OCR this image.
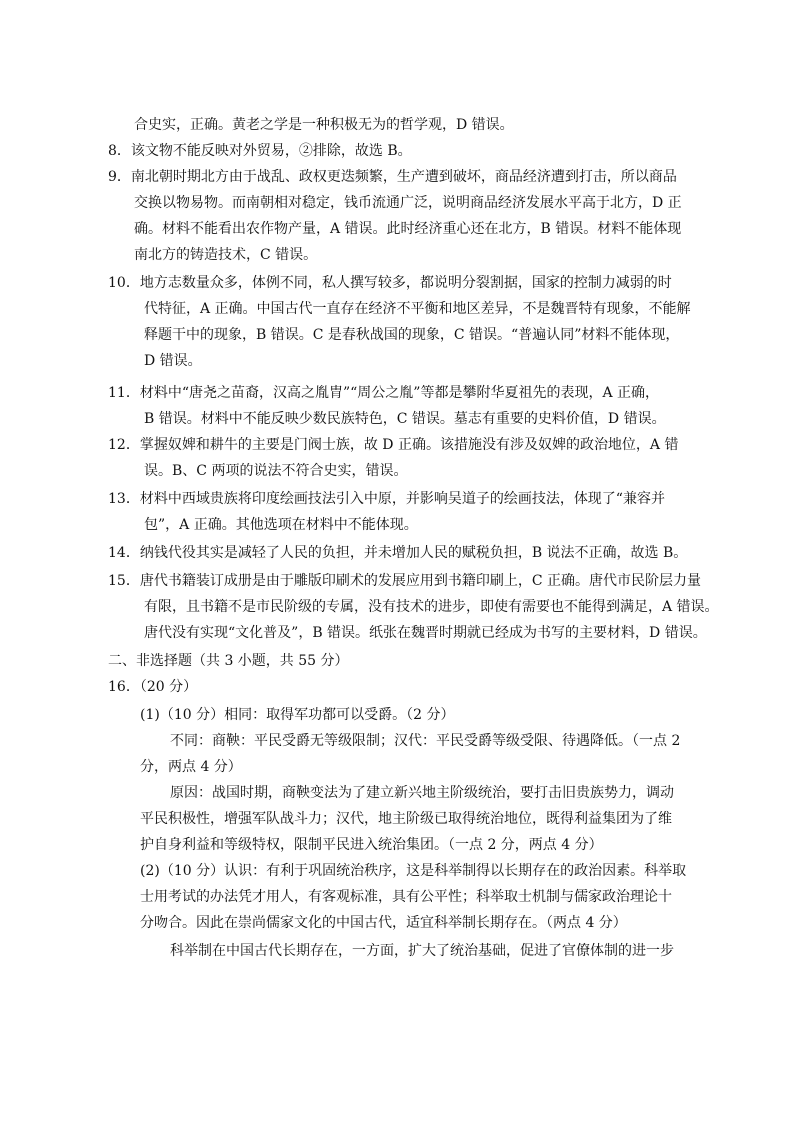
合史实，正确。黄老之学是一种积极无为的哲学观，D 错误。
8．该文物不能反映对外贸易，②排除，故选 B。
9．南北朝时期北方由于战乱、政权更迭频繁，生产遭到破坏，商品经济遭到打击，所以商品
交换以物易物。而南朝相对稳定，钱币流通广泛，说明商品经济发展水平高于北方，D 正
确。材料不能看出农作物产量，A 错误。此时经济重心还在北方，B 错误。材料不能体现
南北方的铸造技术，C 错误。
10．地方志数量众多，体例不同，私人撰写较多，都说明分裂割据，国家的控制力减弱的时
代特征，A 正确。中国古代一直存在经济不平衡和地区差异，不是魏晋特有现象，不能解
释题干中的现象，B 错误。C 是春秋战国的现象，C 错误。“普遍认同”材料不能体现，
D 错误。
11．材料中“唐尧之苗裔，汉高之胤胄”“周公之胤”等都是攀附华夏祖先的表现，A 正确，
B 错误。材料中不能反映少数民族特色，C 错误。墓志有重要的史料价值，D 错误。
12．掌握奴婢和耕牛的主要是门阀士族，故 D 正确。该措施没有涉及奴婢的政治地位，A 错
误。B、C 两项的说法不符合史实，错误。
13．材料中西域贵族将印度绘画技法引入中原，并影响吴道子的绘画技法，体现了“兼容并
包”，A 正确。其他选项在材料中不能体现。
14．纳钱代役其实是减轻了人民的负担，并未增加人民的赋税负担，B 说法不正确，故选 B。
15．唐代书籍装订成册是由于雕版印刷术的发展应用到书籍印刷上，C 正确。唐代市民阶层力量
有限，且书籍不是市民阶级的专属，没有技术的进步，即使有需要也不能得到满足，A 错误。
唐代没有实现“文化普及”，B 错误。纸张在魏晋时期就已经成为书写的主要材料，D 错误。
二、非选择题（共 3 小题，共 55 分）
16．（20 分）
(1)（10 分）相同：取得军功都可以受爵。（2 分）
不同：商鞅：平民受爵无等级限制；汉代：平民受爵等级受限、待遇降低。（一点 2
分，两点 4 分）
原因：战国时期，商鞅变法为了建立新兴地主阶级统治，要打击旧贵族势力，调动
平民积极性，增强军队战斗力；汉代，地主阶级已取得统治地位，既得利益集团为了维
护自身利益和等级特权，限制平民进入统治集团。（一点 2 分，两点 4 分）
(2)（10 分）认识：有利于巩固统治秩序，这是科举制得以长期存在的政治因素。科举取
士用考试的办法凭才用人，有客观标准，具有公平性；科举取士机制与儒家政治理论十
分吻合。因此在崇尚儒家文化的中国古代，适宜科举制长期存在。（两点 4 分）
科举制在中国古代长期存在，一方面，扩大了统治基础，促进了官僚体制的进一步
